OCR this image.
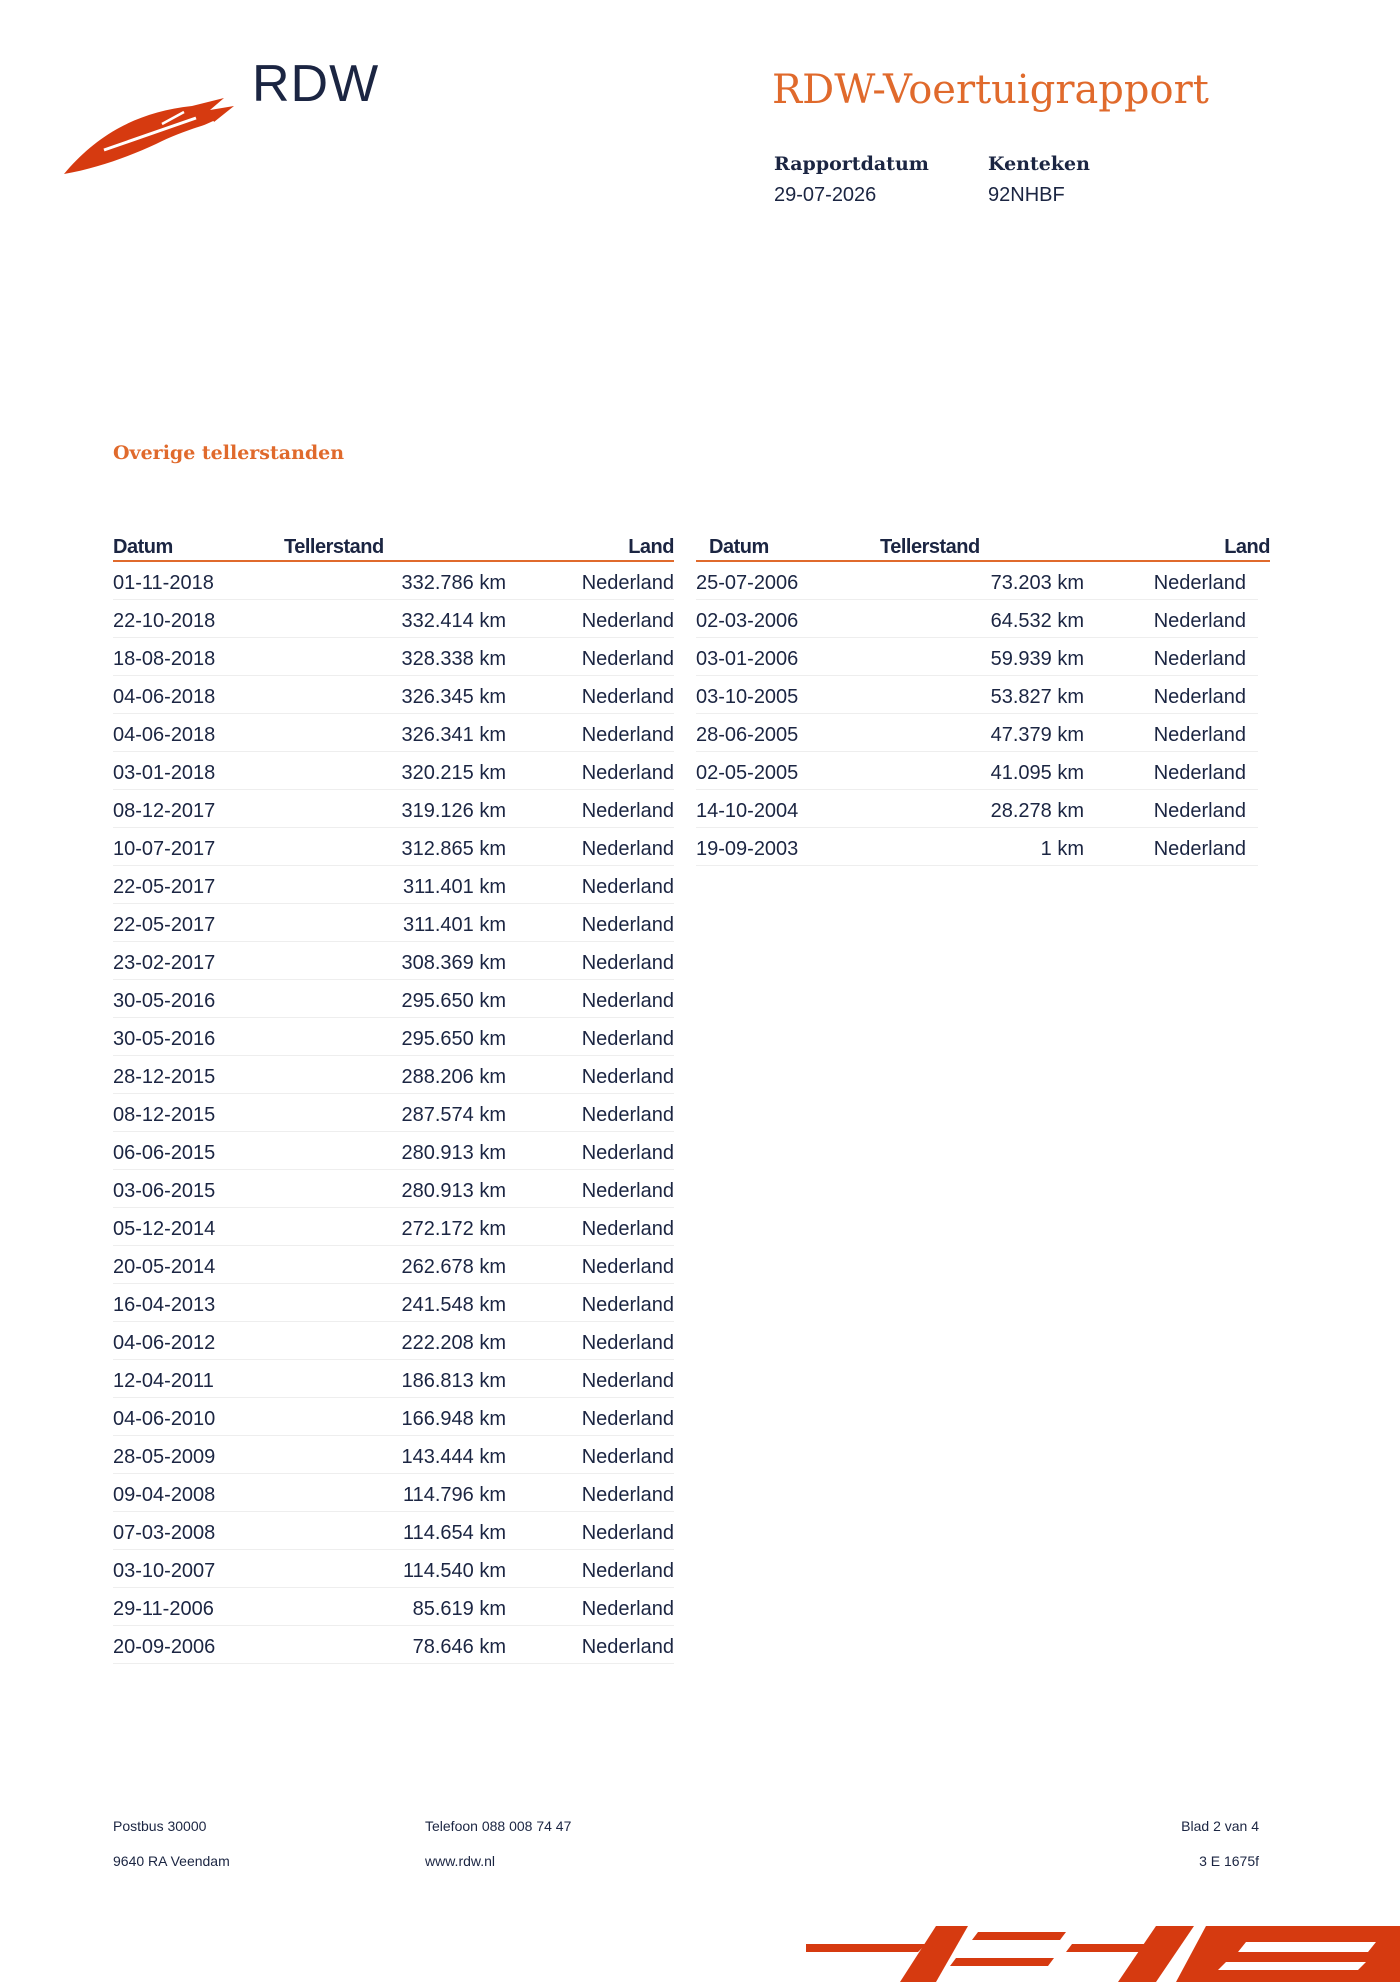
RDW	RDW-Voertuigrapport
Rapportdatum
29-07-2026
Kenteken
92NHBF
Overige tellerstanden
Datum	Tellerstand	Land
01-11-2018	332.786 km	Nederland
22-10-2018	332.414 km	Nederland
18-08-2018	328.338 km	Nederland
04-06-2018	326.345 km	Nederland
04-06-2018	326.341 km	Nederland
03-01-2018	320.215 km	Nederland
08-12-2017	319.126 km	Nederland
10-07-2017	312.865 km	Nederland
22-05-2017	311.401 km	Nederland
22-05-2017	311.401 km	Nederland
23-02-2017	308.369 km	Nederland
30-05-2016	295.650 km	Nederland
30-05-2016	295.650 km	Nederland
28-12-2015	288.206 km	Nederland
08-12-2015	287.574 km	Nederland
06-06-2015	280.913 km	Nederland
03-06-2015	280.913 km	Nederland
05-12-2014	272.172 km	Nederland
20-05-2014	262.678 km	Nederland
16-04-2013	241.548 km	Nederland
04-06-2012	222.208 km	Nederland
12-04-2011	186.813 km	Nederland
04-06-2010	166.948 km	Nederland
28-05-2009	143.444 km	Nederland
09-04-2008	114.796 km	Nederland
07-03-2008	114.654 km	Nederland
03-10-2007	114.540 km	Nederland
29-11-2006	85.619 km	Nederland
20-09-2006	78.646 km	Nederland
Datum	Tellerstand	Land
25-07-2006	73.203 km	Nederland
02-03-2006	64.532 km	Nederland
03-01-2006	59.939 km	Nederland
03-10-2005	53.827 km	Nederland
28-06-2005	47.379 km	Nederland
02-05-2005	41.095 km	Nederland
14-10-2004	28.278 km	Nederland
19-09-2003	1 km	Nederland
Postbus 30000
9640 RA Veendam
Telefoon 088 008 74 47
www.rdw.nl
Blad 2 van 4
3 E 1675f
